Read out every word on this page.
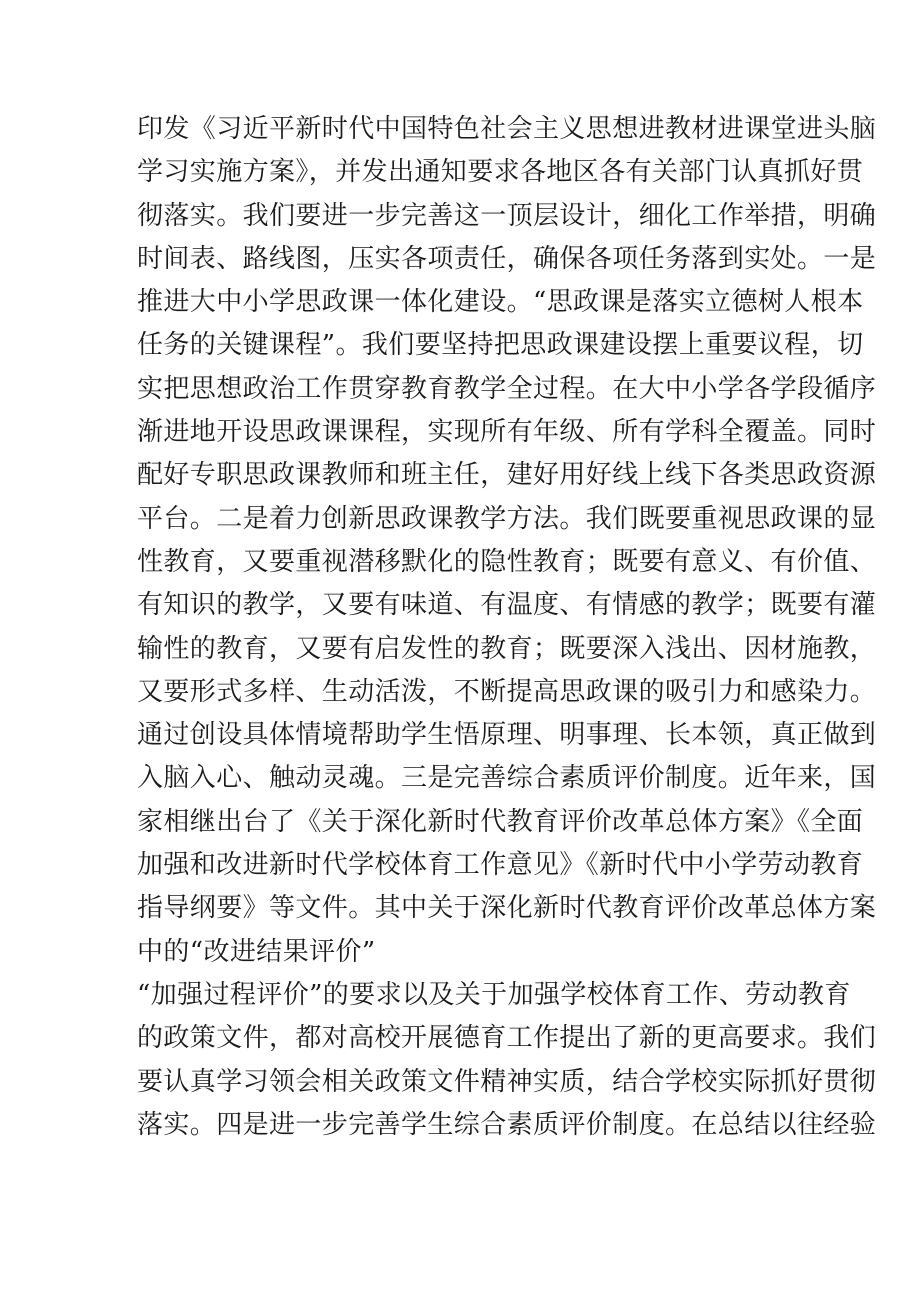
印发《习近平新时代中国特色社会主义思想进教材进课堂进头脑
学习实施方案》，并发出通知要求各地区各有关部门认真抓好贯
彻落实。我们要进一步完善这一顶层设计，细化工作举措，明确
时间表、路线图，压实各项责任，确保各项任务落到实处。一是
推进大中小学思政课一体化建设。“思政课是落实立德树人根本
任务的关键课程”。我们要坚持把思政课建设摆上重要议程，切
实把思想政治工作贯穿教育教学全过程。在大中小学各学段循序
渐进地开设思政课课程，实现所有年级、所有学科全覆盖。同时
配好专职思政课教师和班主任，建好用好线上线下各类思政资源
平台。二是着力创新思政课教学方法。我们既要重视思政课的显
性教育，又要重视潜移默化的隐性教育；既要有意义、有价值、
有知识的教学，又要有味道、有温度、有情感的教学；既要有灌
输性的教育，又要有启发性的教育；既要深入浅出、因材施教，
又要形式多样、生动活泼，不断提高思政课的吸引力和感染力。
通过创设具体情境帮助学生悟原理、明事理、长本领，真正做到
入脑入心、触动灵魂。三是完善综合素质评价制度。近年来，国
家相继出台了《关于深化新时代教育评价改革总体方案》《全面
加强和改进新时代学校体育工作意见》《新时代中小学劳动教育
指导纲要》等文件。其中关于深化新时代教育评价改革总体方案
中的“改进结果评价”
“加强过程评价”的要求以及关于加强学校体育工作、劳动教育
的政策文件，都对高校开展德育工作提出了新的更高要求。我们
要认真学习领会相关政策文件精神实质，结合学校实际抓好贯彻
落实。四是进一步完善学生综合素质评价制度。在总结以往经验
